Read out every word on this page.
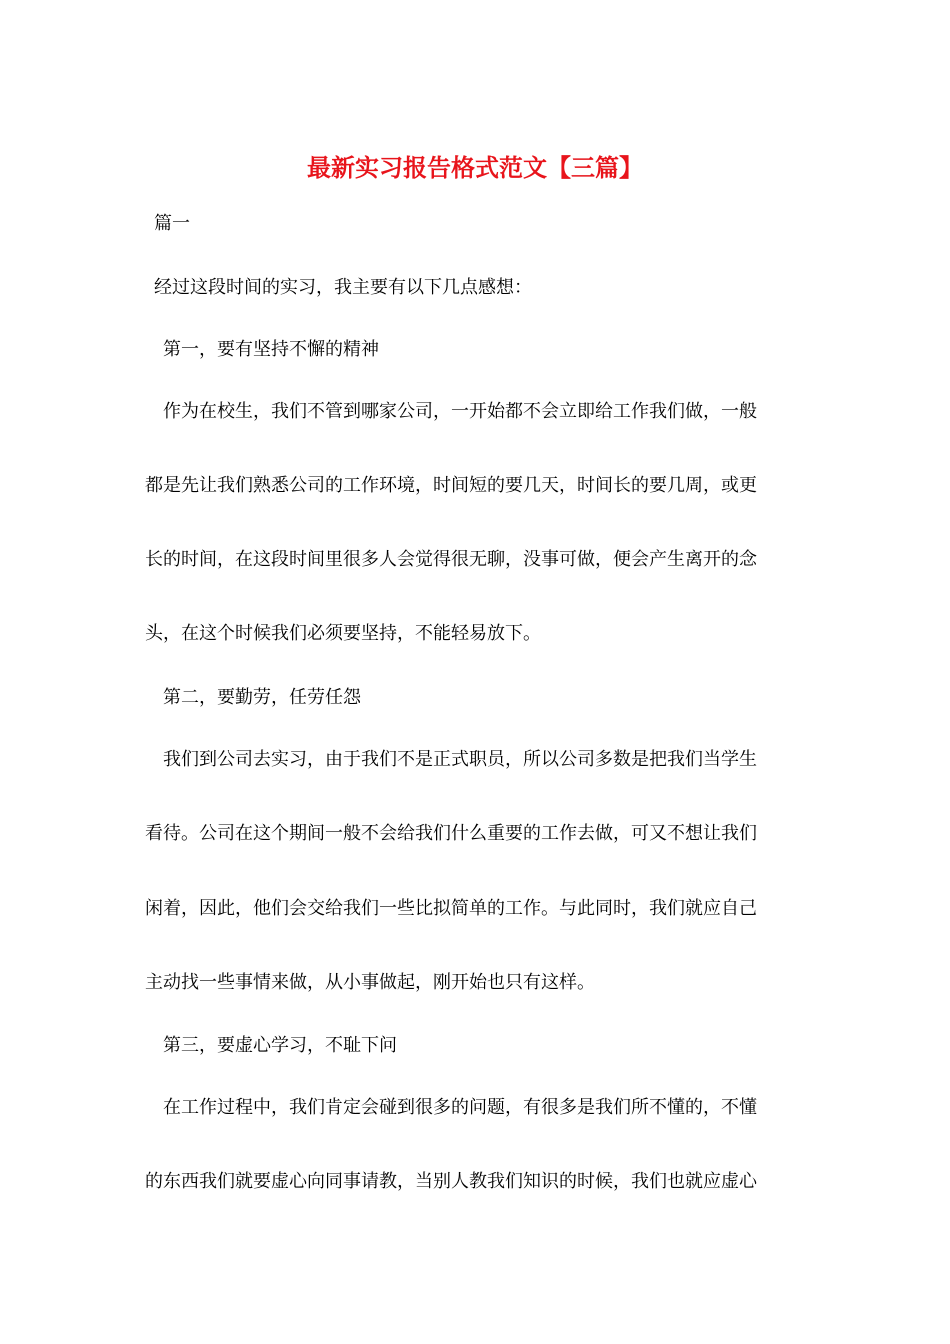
最新实习报告格式范文【三篇】
篇一
经过这段时间的实习，我主要有以下几点感想：
第一，要有坚持不懈的精神
作为在校生，我们不管到哪家公司，一开始都不会立即给工作我们做，一般
都是先让我们熟悉公司的工作环境，时间短的要几天，时间长的要几周，或更
长的时间，在这段时间里很多人会觉得很无聊，没事可做，便会产生离开的念
头，在这个时候我们必须要坚持，不能轻易放下。
第二，要勤劳，任劳任怨
我们到公司去实习，由于我们不是正式职员，所以公司多数是把我们当学生
看待。公司在这个期间一般不会给我们什么重要的工作去做，可又不想让我们
闲着，因此，他们会交给我们一些比拟简单的工作。与此同时，我们就应自己
主动找一些事情来做，从小事做起，刚开始也只有这样。
第三，要虚心学习，不耻下问
在工作过程中，我们肯定会碰到很多的问题，有很多是我们所不懂的，不懂
的东西我们就要虚心向同事请教，当别人教我们知识的时候，我们也就应虚心
